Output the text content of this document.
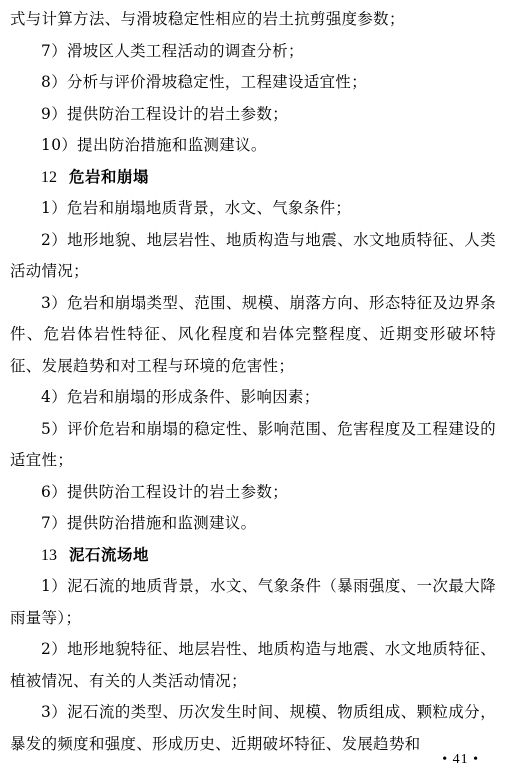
式与计算方法、与滑坡稳定性相应的岩土抗剪强度参数；

7）滑坡区人类工程活动的调查分析；

8）分析与评价滑坡稳定性，工程建设适宜性；

9）提供防治工程设计的岩土参数；

10）提出防治措施和监测建议。

12 危岩和崩塌

1）危岩和崩塌地质背景，水文、气象条件；

2）地形地貌、地层岩性、地质构造与地震、水文地质特征、人类活动情况；

3）危岩和崩塌类型、范围、规模、崩落方向、形态特征及边界条件、危岩体岩性特征、风化程度和岩体完整程度、近期变形破坏特征、发展趋势和对工程与环境的危害性；

4）危岩和崩塌的形成条件、影响因素；

5）评价危岩和崩塌的稳定性、影响范围、危害程度及工程建设的适宜性；

6）提供防治工程设计的岩土参数；

7）提供防治措施和监测建议。

13 泥石流场地

1）泥石流的地质背景，水文、气象条件（暴雨强度、一次最大降雨量等）；

2）地形地貌特征、地层岩性、地质构造与地震、水文地质特征、植被情况、有关的人类活动情况；

3）泥石流的类型、历次发生时间、规模、物质组成、颗粒成分，暴发的频度和强度、形成历史、近期破坏特征、发展趋势和

• 41 •
